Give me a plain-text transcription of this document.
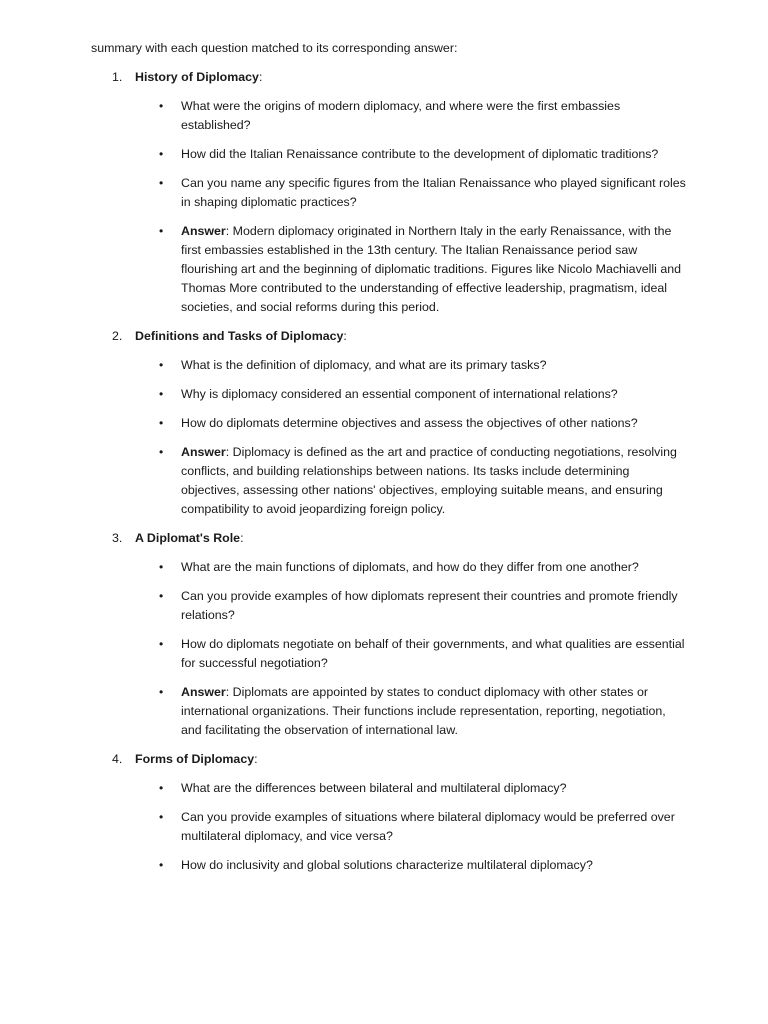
summary with each question matched to its corresponding answer:
1. History of Diplomacy:
• What were the origins of modern diplomacy, and where were the first embassies established?
• How did the Italian Renaissance contribute to the development of diplomatic traditions?
• Can you name any specific figures from the Italian Renaissance who played significant roles in shaping diplomatic practices?
• Answer: Modern diplomacy originated in Northern Italy in the early Renaissance, with the first embassies established in the 13th century. The Italian Renaissance period saw flourishing art and the beginning of diplomatic traditions. Figures like Nicolo Machiavelli and Thomas More contributed to the understanding of effective leadership, pragmatism, ideal societies, and social reforms during this period.
2. Definitions and Tasks of Diplomacy:
• What is the definition of diplomacy, and what are its primary tasks?
• Why is diplomacy considered an essential component of international relations?
• How do diplomats determine objectives and assess the objectives of other nations?
• Answer: Diplomacy is defined as the art and practice of conducting negotiations, resolving conflicts, and building relationships between nations. Its tasks include determining objectives, assessing other nations' objectives, employing suitable means, and ensuring compatibility to avoid jeopardizing foreign policy.
3. A Diplomat's Role:
• What are the main functions of diplomats, and how do they differ from one another?
• Can you provide examples of how diplomats represent their countries and promote friendly relations?
• How do diplomats negotiate on behalf of their governments, and what qualities are essential for successful negotiation?
• Answer: Diplomats are appointed by states to conduct diplomacy with other states or international organizations. Their functions include representation, reporting, negotiation, and facilitating the observation of international law.
4. Forms of Diplomacy:
• What are the differences between bilateral and multilateral diplomacy?
• Can you provide examples of situations where bilateral diplomacy would be preferred over multilateral diplomacy, and vice versa?
• How do inclusivity and global solutions characterize multilateral diplomacy?
